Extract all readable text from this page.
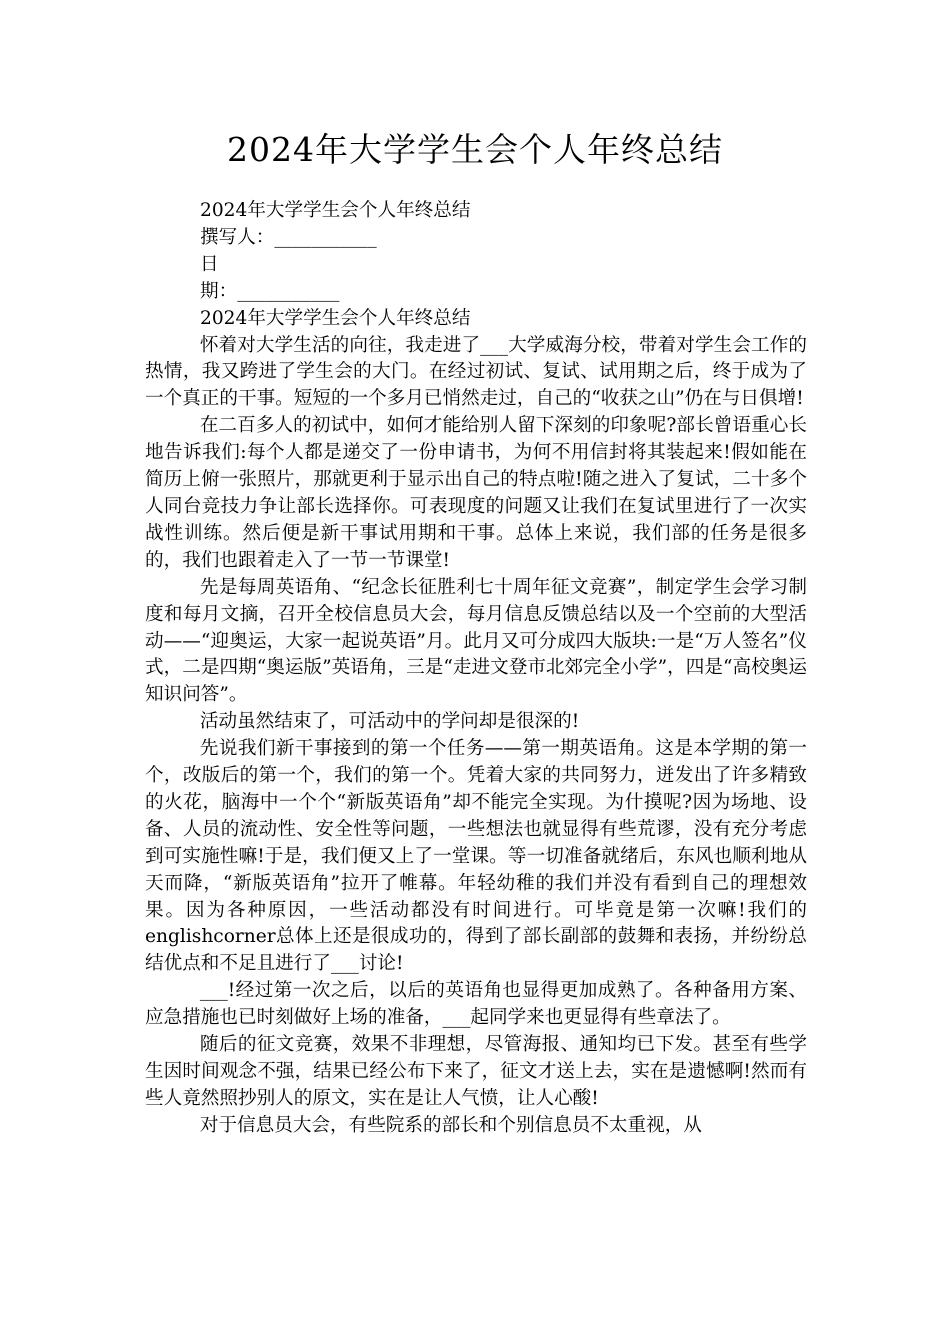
2024年大学学生会个人年终总结

2024年大学学生会个人年终总结

撰写人：___________

日

期：___________

2024年大学学生会个人年终总结

怀着对大学生活的向往，我走进了___大学威海分校，带着对学生会工作的热情，我又跨进了学生会的大门。在经过初试、复试、试用期之后，终于成为了一个真正的干事。短短的一个多月已悄然走过，自己的“收获之山”仍在与日俱增!

在二百多人的初试中，如何才能给别人留下深刻的印象呢?部长曾语重心长地告诉我们:每个人都是递交了一份申请书，为何不用信封将其装起来!假如能在简历上俯一张照片，那就更利于显示出自己的特点啦!随之进入了复试，二十多个人同台竞技力争让部长选择你。可表现度的问题又让我们在复试里进行了一次实战性训练。然后便是新干事试用期和干事。总体上来说，我们部的任务是很多的，我们也跟着走入了一节一节课堂!

先是每周英语角、“纪念长征胜利七十周年征文竞赛”，制定学生会学习制度和每月文摘，召开全校信息员大会，每月信息反馈总结以及一个空前的大型活动——“迎奥运，大家一起说英语”月。此月又可分成四大版块:一是“万人签名”仪式，二是四期“奥运版”英语角，三是“走进文登市北郊完全小学”，四是“高校奥运知识问答”。

活动虽然结束了，可活动中的学问却是很深的!

先说我们新干事接到的第一个任务——第一期英语角。这是本学期的第一个，改版后的第一个，我们的第一个。凭着大家的共同努力，迸发出了许多精致的火花，脑海中一个个“新版英语角”却不能完全实现。为什摸呢?因为场地、设备、人员的流动性、安全性等问题，一些想法也就显得有些荒谬，没有充分考虑到可实施性嘛!于是，我们便又上了一堂课。等一切准备就绪后，东风也顺利地从天而降，“新版英语角”拉开了帷幕。年轻幼稚的我们并没有看到自己的理想效果。因为各种原因，一些活动都没有时间进行。可毕竟是第一次嘛!我们的englishcorner总体上还是很成功的，得到了部长副部的鼓舞和表扬，并纷纷总结优点和不足且进行了___讨论!

___!经过第一次之后，以后的英语角也显得更加成熟了。各种备用方案、应急措施也已时刻做好上场的准备，___起同学来也更显得有些章法了。

随后的征文竞赛，效果不非理想，尽管海报、通知均已下发。甚至有些学生因时间观念不强，结果已经公布下来了，征文才送上去，实在是遗憾啊!然而有些人竟然照抄别人的原文，实在是让人气愤，让人心酸!

对于信息员大会，有些院系的部长和个别信息员不太重视，从
